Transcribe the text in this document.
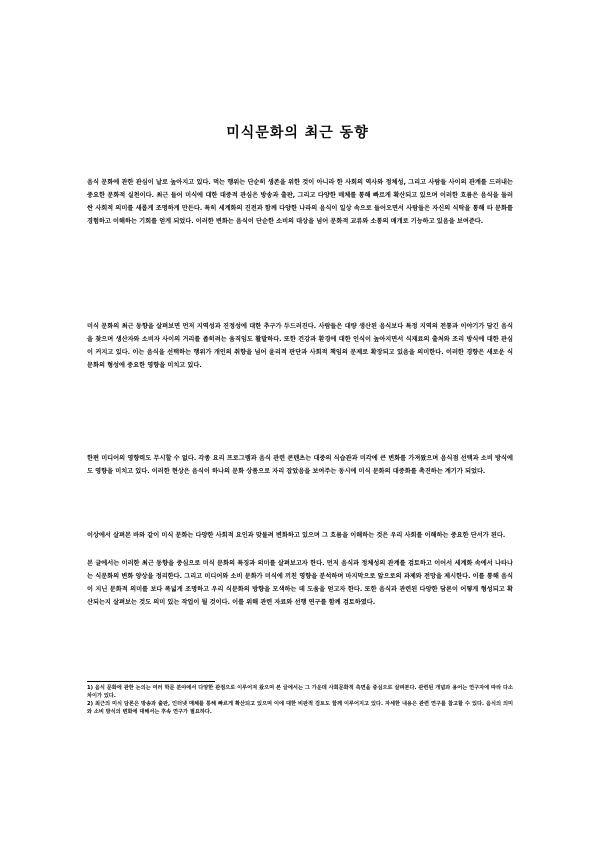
미식문화의 최근 동향
음식 문화에 관한 관심이 날로 높아지고 있다. 먹는 행위는 단순히 생존을 위한 것이 아니라 한 사회의 역사와 정체성, 그리고 사람들 사이의 관계를 드러내는 중요한 문화적 실천이다. 최근 들어 미식에 대한 대중적 관심은 방송과 출판, 그리고 다양한 매체를 통해 빠르게 확산되고 있으며 이러한 흐름은 음식을 둘러싼 사회적 의미를 새롭게 조명하게 만든다. 특히 세계화의 진전과 함께 다양한 나라의 음식이 일상 속으로 들어오면서 사람들은 자신의 식탁을 통해 타 문화를 경험하고 이해하는 기회를 얻게 되었다. 이러한 변화는 음식이 단순한 소비의 대상을 넘어 문화적 교류와 소통의 매개로 기능하고 있음을 보여준다.
미식 문화의 최근 동향을 살펴보면 먼저 지역성과 진정성에 대한 추구가 두드러진다. 사람들은 대량 생산된 음식보다 특정 지역의 전통과 이야기가 담긴 음식을 찾으며 생산자와 소비자 사이의 거리를 좁히려는 움직임도 활발하다. 또한 건강과 환경에 대한 인식이 높아지면서 식재료의 출처와 조리 방식에 대한 관심이 커지고 있다. 이는 음식을 선택하는 행위가 개인의 취향을 넘어 윤리적 판단과 사회적 책임의 문제로 확장되고 있음을 의미한다. 이러한 경향은 새로운 식문화의 형성에 중요한 영향을 미치고 있다.
한편 미디어의 영향력도 무시할 수 없다. 각종 요리 프로그램과 음식 관련 콘텐츠는 대중의 식습관과 미각에 큰 변화를 가져왔으며 음식점 선택과 소비 방식에도 영향을 미치고 있다. 이러한 현상은 음식이 하나의 문화 상품으로 자리 잡았음을 보여주는 동시에 미식 문화의 대중화를 촉진하는 계기가 되었다.
이상에서 살펴본 바와 같이 미식 문화는 다양한 사회적 요인과 맞물려 변화하고 있으며 그 흐름을 이해하는 것은 우리 사회를 이해하는 중요한 단서가 된다.
본 글에서는 이러한 최근 동향을 중심으로 미식 문화의 특징과 의미를 살펴보고자 한다. 먼저 음식과 정체성의 관계를 검토하고 이어서 세계화 속에서 나타나는 식문화의 변화 양상을 정리한다. 그리고 미디어와 소비 문화가 미식에 끼친 영향을 분석하며 마지막으로 앞으로의 과제와 전망을 제시한다. 이를 통해 음식이 지닌 문화적 의미를 보다 폭넓게 조명하고 우리 식문화의 방향을 모색하는 데 도움을 얻고자 한다. 또한 음식과 관련된 다양한 담론이 어떻게 형성되고 확산되는지 살펴보는 것도 의미 있는 작업이 될 것이다. 이를 위해 관련 자료와 선행 연구를 함께 검토하였다.
1) 음식 문화에 관한 논의는 여러 학문 분야에서 다양한 관점으로 이루어져 왔으며 본 글에서는 그 가운데 사회문화적 측면을 중심으로 살펴본다. 관련된 개념과 용어는 연구자에 따라 다소 차이가 있다.
2) 최근의 미식 담론은 방송과 출판, 인터넷 매체를 통해 빠르게 확산되고 있으며 이에 대한 비판적 검토도 함께 이루어지고 있다. 자세한 내용은 관련 연구를 참고할 수 있다. 음식의 의미와 소비 방식의 변화에 대해서는 후속 연구가 필요하다.
